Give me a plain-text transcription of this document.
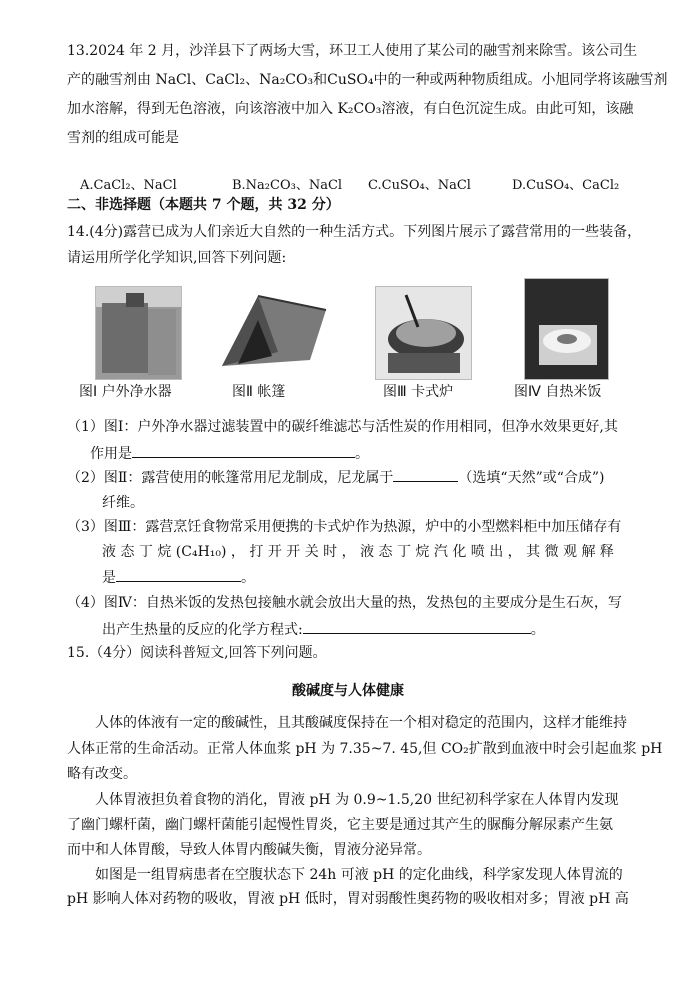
13.2024 年 2 月，沙洋县下了两场大雪，环卫工人使用了某公司的融雪剂来除雪。该公司生
产的融雪剂由 NaCl、CaCl₂、Na₂CO₃和CuSO₄中的一种或两种物质组成。小旭同学将该融雪剂
加水溶解，得到无色溶液，向该溶液中加入 K₂CO₃溶液，有白色沉淀生成。由此可知，该融
雪剂的组成可能是
A.CaCl₂、NaCl	B.Na₂CO₃、NaCl C.CuSO₄、NaCl	D.CuSO₄、CaCl₂
二、非选择题（本题共 7 个题，共 32 分）
14.(4分)露营已成为人们亲近大自然的一种生活方式。下列图片展示了露营常用的一些装备，
请运用所学化学知识,回答下列问题:
图Ⅰ 户外净水器	图Ⅱ 帐篷	图Ⅲ 卡式炉	图Ⅳ 自热米饭
（1）图Ⅰ：户外净水器过滤装置中的碳纤维滤芯与活性炭的作用相同，但净水效果更好,其
作用是	。
（2）图Ⅱ：露营使用的帐篷常用尼龙制成，尼龙属于	（选填“天然”或“合成”)
纤维。
（3）图Ⅲ：露营烹饪食物常采用便携的卡式炉作为热源，炉中的小型燃料柜中加压储存有
液 态 丁 烷 (C₄H₁₀) ， 打 开 开 关 时 ， 液 态 丁 烷 汽 化 喷 出 ， 其 微 观 解 释
是	。
（4）图Ⅳ：自热米饭的发热包接触水就会放出大量的热，发热包的主要成分是生石灰，写
出产生热量的反应的化学方程式:	。
15.（4分）阅读科普短文,回答下列问题。
酸碱度与人体健康
人体的体液有一定的酸碱性，且其酸碱度保持在一个相对稳定的范围内，这样才能维持
人体正常的生命活动。正常人体血浆 pH 为 7.35~7. 45,但 CO₂扩散到血液中时会引起血浆 pH
略有改变。
人体胃液担负着食物的消化，胃液 pH 为 0.9~1.5,20 世纪初科学家在人体胃内发现
了幽门螺杆菌，幽门螺杆菌能引起慢性胃炎，它主要是通过其产生的脲酶分解尿素产生氨
而中和人体胃酸，导致人体胃内酸碱失衡，胃液分泌异常。
如图是一组胃病患者在空腹状态下 24h 可液 pH 的定化曲线，科学家发现人体胃流的
pH 影响人体对药物的吸收，胃液 pH 低时，胃对弱酸性奥药物的吸收相对多；胃液 pH 高
